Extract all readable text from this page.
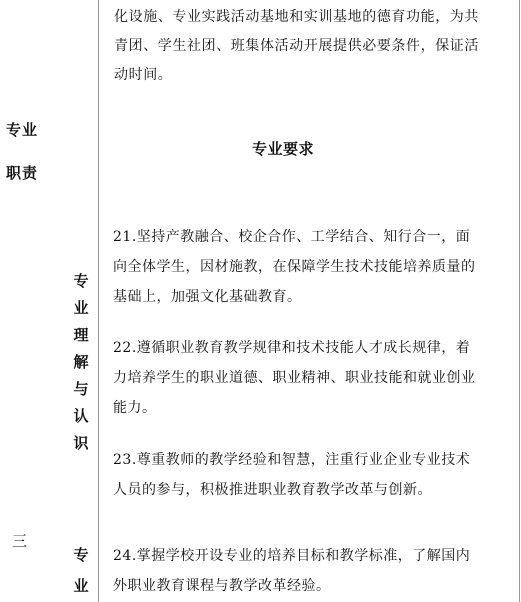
化设施、专业实践活动基地和实训基地的德育功能，为共

青团、学生社团、班集体活动开展提供必要条件，保证活

动时间。

专业
职责
专业要求
专
业
理
解
与
认
识
21.坚持产教融合、校企合作、工学结合、知行合一，面
向全体学生，因材施教，在保障学生技术技能培养质量的
基础上，加强文化基础教育。
22.遵循职业教育教学规律和技术技能人才成长规律，着
力培养学生的职业道德、职业精神、职业技能和就业创业
能力。
23.尊重教师的教学经验和智慧，注重行业企业专业技术
人员的参与，积极推进职业教育教学改革与创新。
24.掌握学校开设专业的培养目标和教学标准，了解国内
外职业教育课程与教学改革经验。
三
专
业
